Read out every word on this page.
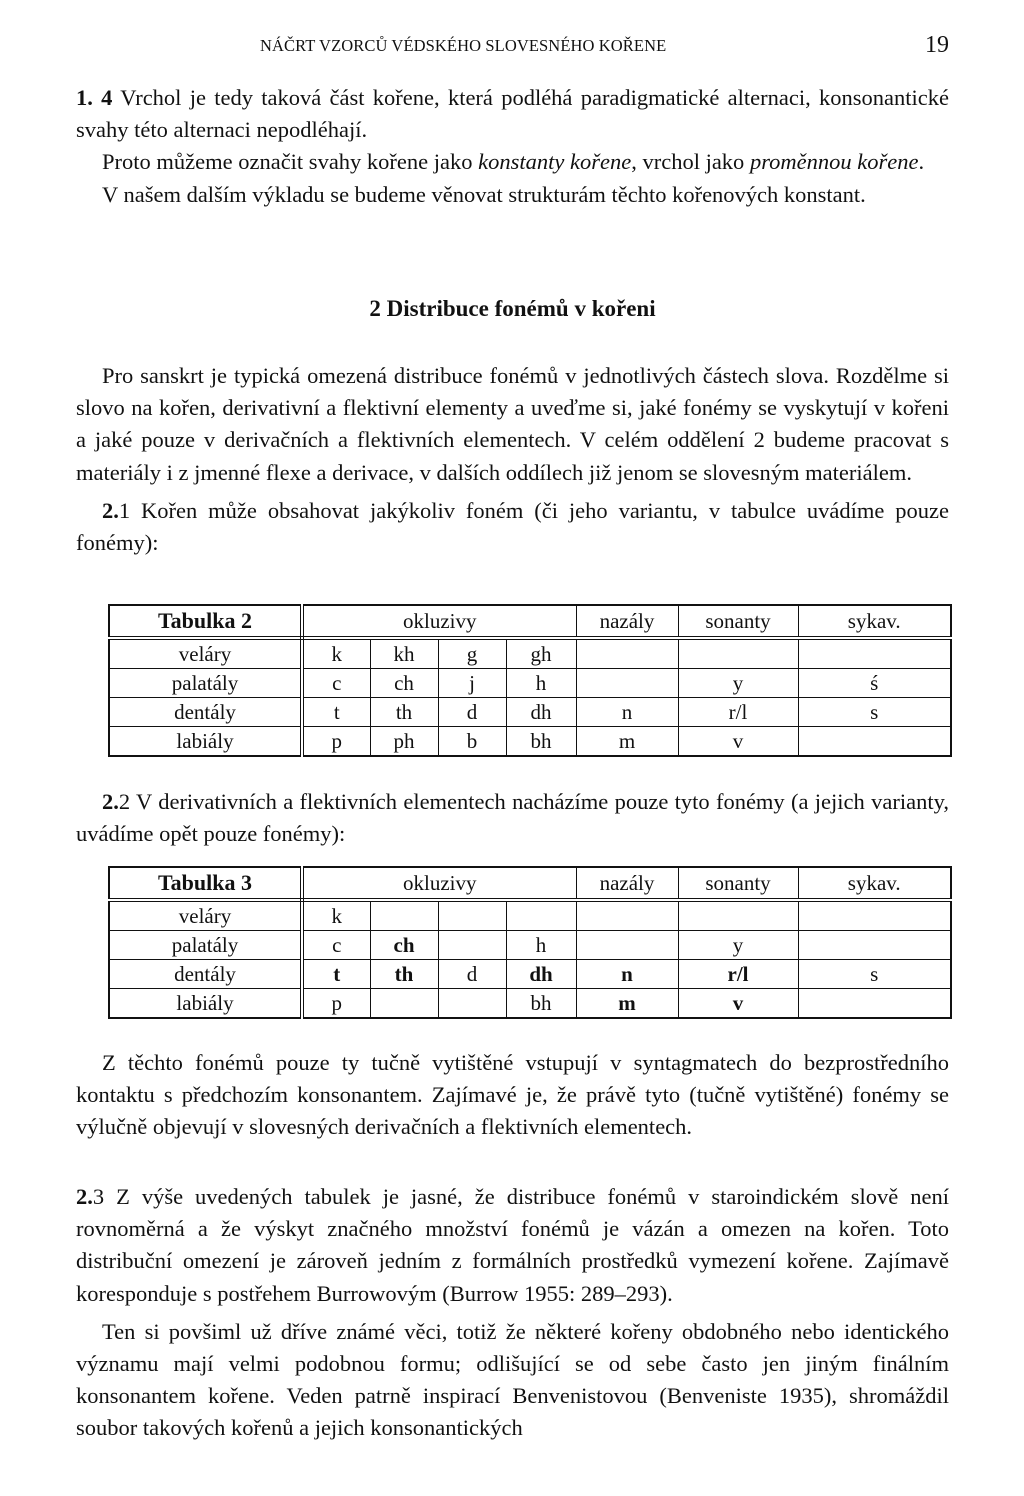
NÁČRT VZORCŮ VÉDSKÉHO SLOVESNÉHO KOŘENE	19

1. 4 Vrchol je tedy taková část kořene, která podléhá paradigmatické alternaci, konsonantické svahy této alternaci nepodléhají.

Proto můžeme označit svahy kořene jako konstanty kořene, vrchol jako proměnnou kořene.

V našem dalším výkladu se budeme věnovat strukturám těchto kořenových konstant.

2 Distribuce fonémů v kořeni

Pro sanskrt je typická omezená distribuce fonémů v jednotlivých částech slova. Rozdělme si slovo na kořen, derivativní a flektivní elementy a uveďme si, jaké fonémy se vyskytují v kořeni a jaké pouze v derivačních a flektivních elementech. V celém oddělení 2 budeme pracovat s materiály i z jmenné flexe a derivace, v dalších oddílech již jenom se slovesným materiálem.

2.1 Kořen může obsahovat jakýkoliv foném (či jeho variantu, v tabulce uvádíme pouze fonémy):

Tabulka 2	okluzivy				nazály	sonanty	sykav.
veláry	k	kh	g	gh			
palatály	c	ch	j	h		y	ś
dentály	t	th	d	dh	n	r/l	s
labiály	p	ph	b	bh	m	v	

2.2 V derivativních a flektivních elementech nacházíme pouze tyto fonémy (a jejich varianty, uvádíme opět pouze fonémy):

Tabulka 3	okluzivy				nazály	sonanty	sykav.
veláry	k						
palatály	c	ch		h		y	
dentály	t	th	d	dh	n	r/l	s
labiály	p			bh	m	v	

Z těchto fonémů pouze ty tučně vytištěné vstupují v syntagmatech do bezprostředního kontaktu s předchozím konsonantem. Zajímavé je, že právě tyto (tučně vytištěné) fonémy se výlučně objevují v slovesných derivačních a flektivních elementech.

2.3 Z výše uvedených tabulek je jasné, že distribuce fonémů v staroindickém slově není rovnoměrná a že výskyt značného množství fonémů je vázán a omezen na kořen. Toto distribuční omezení je zároveň jedním z formálních prostředků vymezení kořene. Zajímavě koresponduje s postřehem Burrowovým (Burrow 1955: 289–293).

Ten si povšiml už dříve známé věci, totiž že některé kořeny obdobného nebo identického významu mají velmi podobnou formu; odlišující se od sebe často jen jiným finálním konsonantem kořene. Veden patrně inspirací Benvenistovou (Benveniste 1935), shromáždil soubor takových kořenů a jejich konsonantických
